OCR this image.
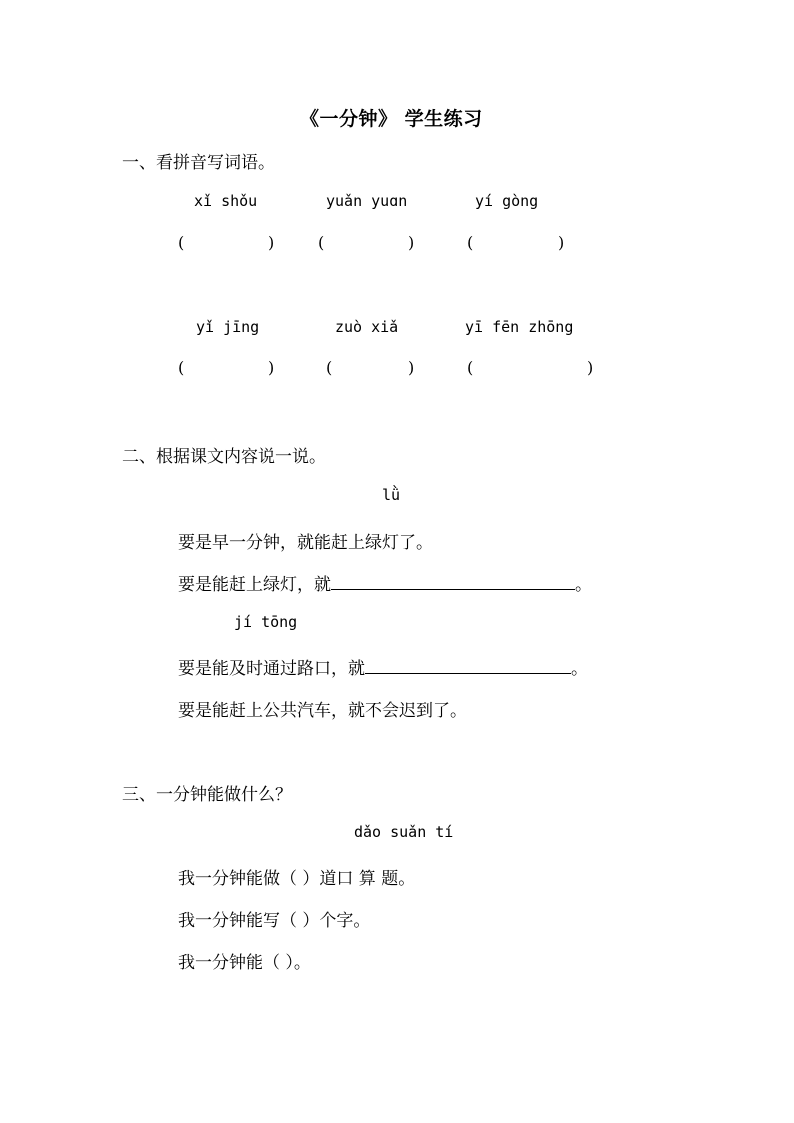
《一分钟》 学生练习
一、看拼音写词语。
xǐ shǒu	yuǎn yuɑn	yí gòng
(	)	(	)	(	)
yǐ jīng	zuò xiǎ	yī fēn zhōng
(	)	(	)	(	)
二、根据课文内容说一说。
lǜ
要是早一分钟，就能赶上绿灯了。
要是能赶上绿灯，就	。
jí tōng
要是能及时通过路口，就	。
要是能赶上公共汽车，就不会迟到了。
三、一分钟能做什么？
dǎo suǎn tí
我一分钟能做（ ）道口 算 题。
我一分钟能写（ ）个字。
我一分钟能（ ）。
